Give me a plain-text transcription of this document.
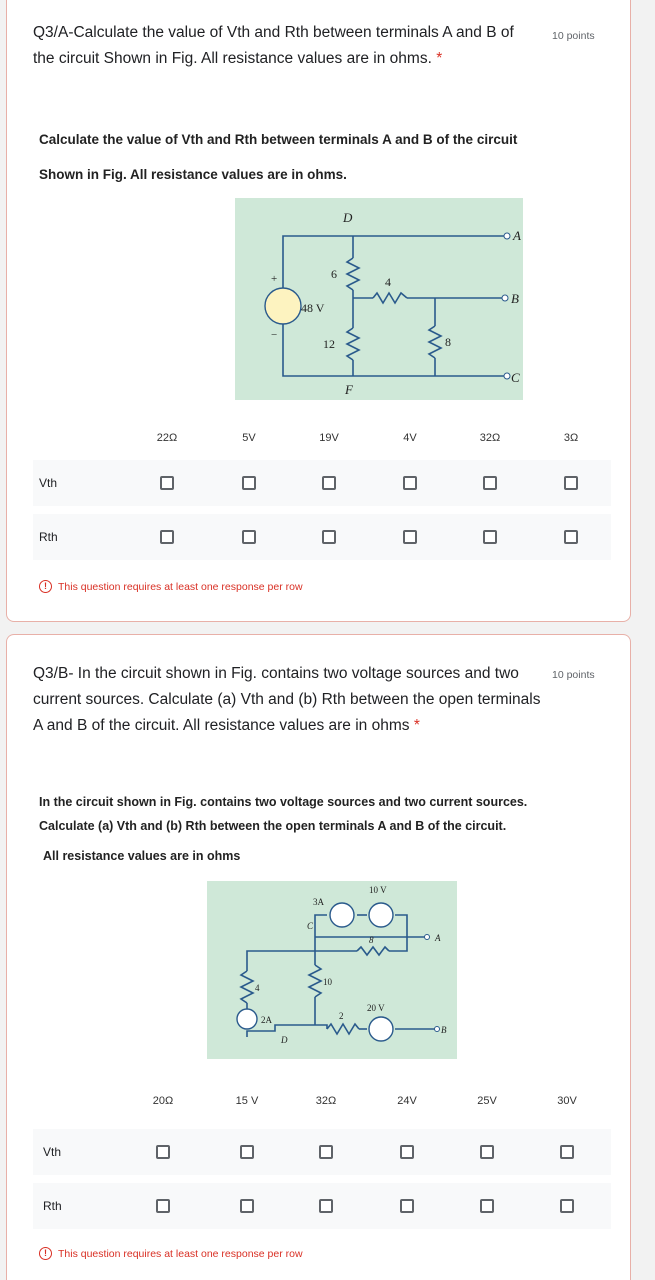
Q3/A-Calculate the value of Vth and Rth between terminals A and B of the circuit Shown in Fig. All resistance values are in ohms. *
10 points
Calculate the value of Vth and Rth between terminals A and B of the circuit
Shown in Fig. All resistance values are in ohms.
D
A
B
C
F
48 V
6
4
12	8
+
−
22Ω	5V	19V	4V	32Ω	3Ω
Vth
Rth
!	This question requires at least one response per row
Q3/B- In the circuit shown in Fig. contains two voltage sources and two current sources. Calculate (a) Vth and (b) Rth between the open terminals A and B of the circuit. All resistance values are in ohms *
10 points
In the circuit shown in Fig. contains two voltage sources and two current sources.
Calculate (a) Vth and (b) Rth between the open terminals A and B of the circuit.
All resistance values are in ohms
10 V
3A
C
A
8
4
10
2A	2
20 V
B
D
20Ω	15 V	32Ω	24V	25V	30V
Vth
Rth
!	This question requires at least one response per row
